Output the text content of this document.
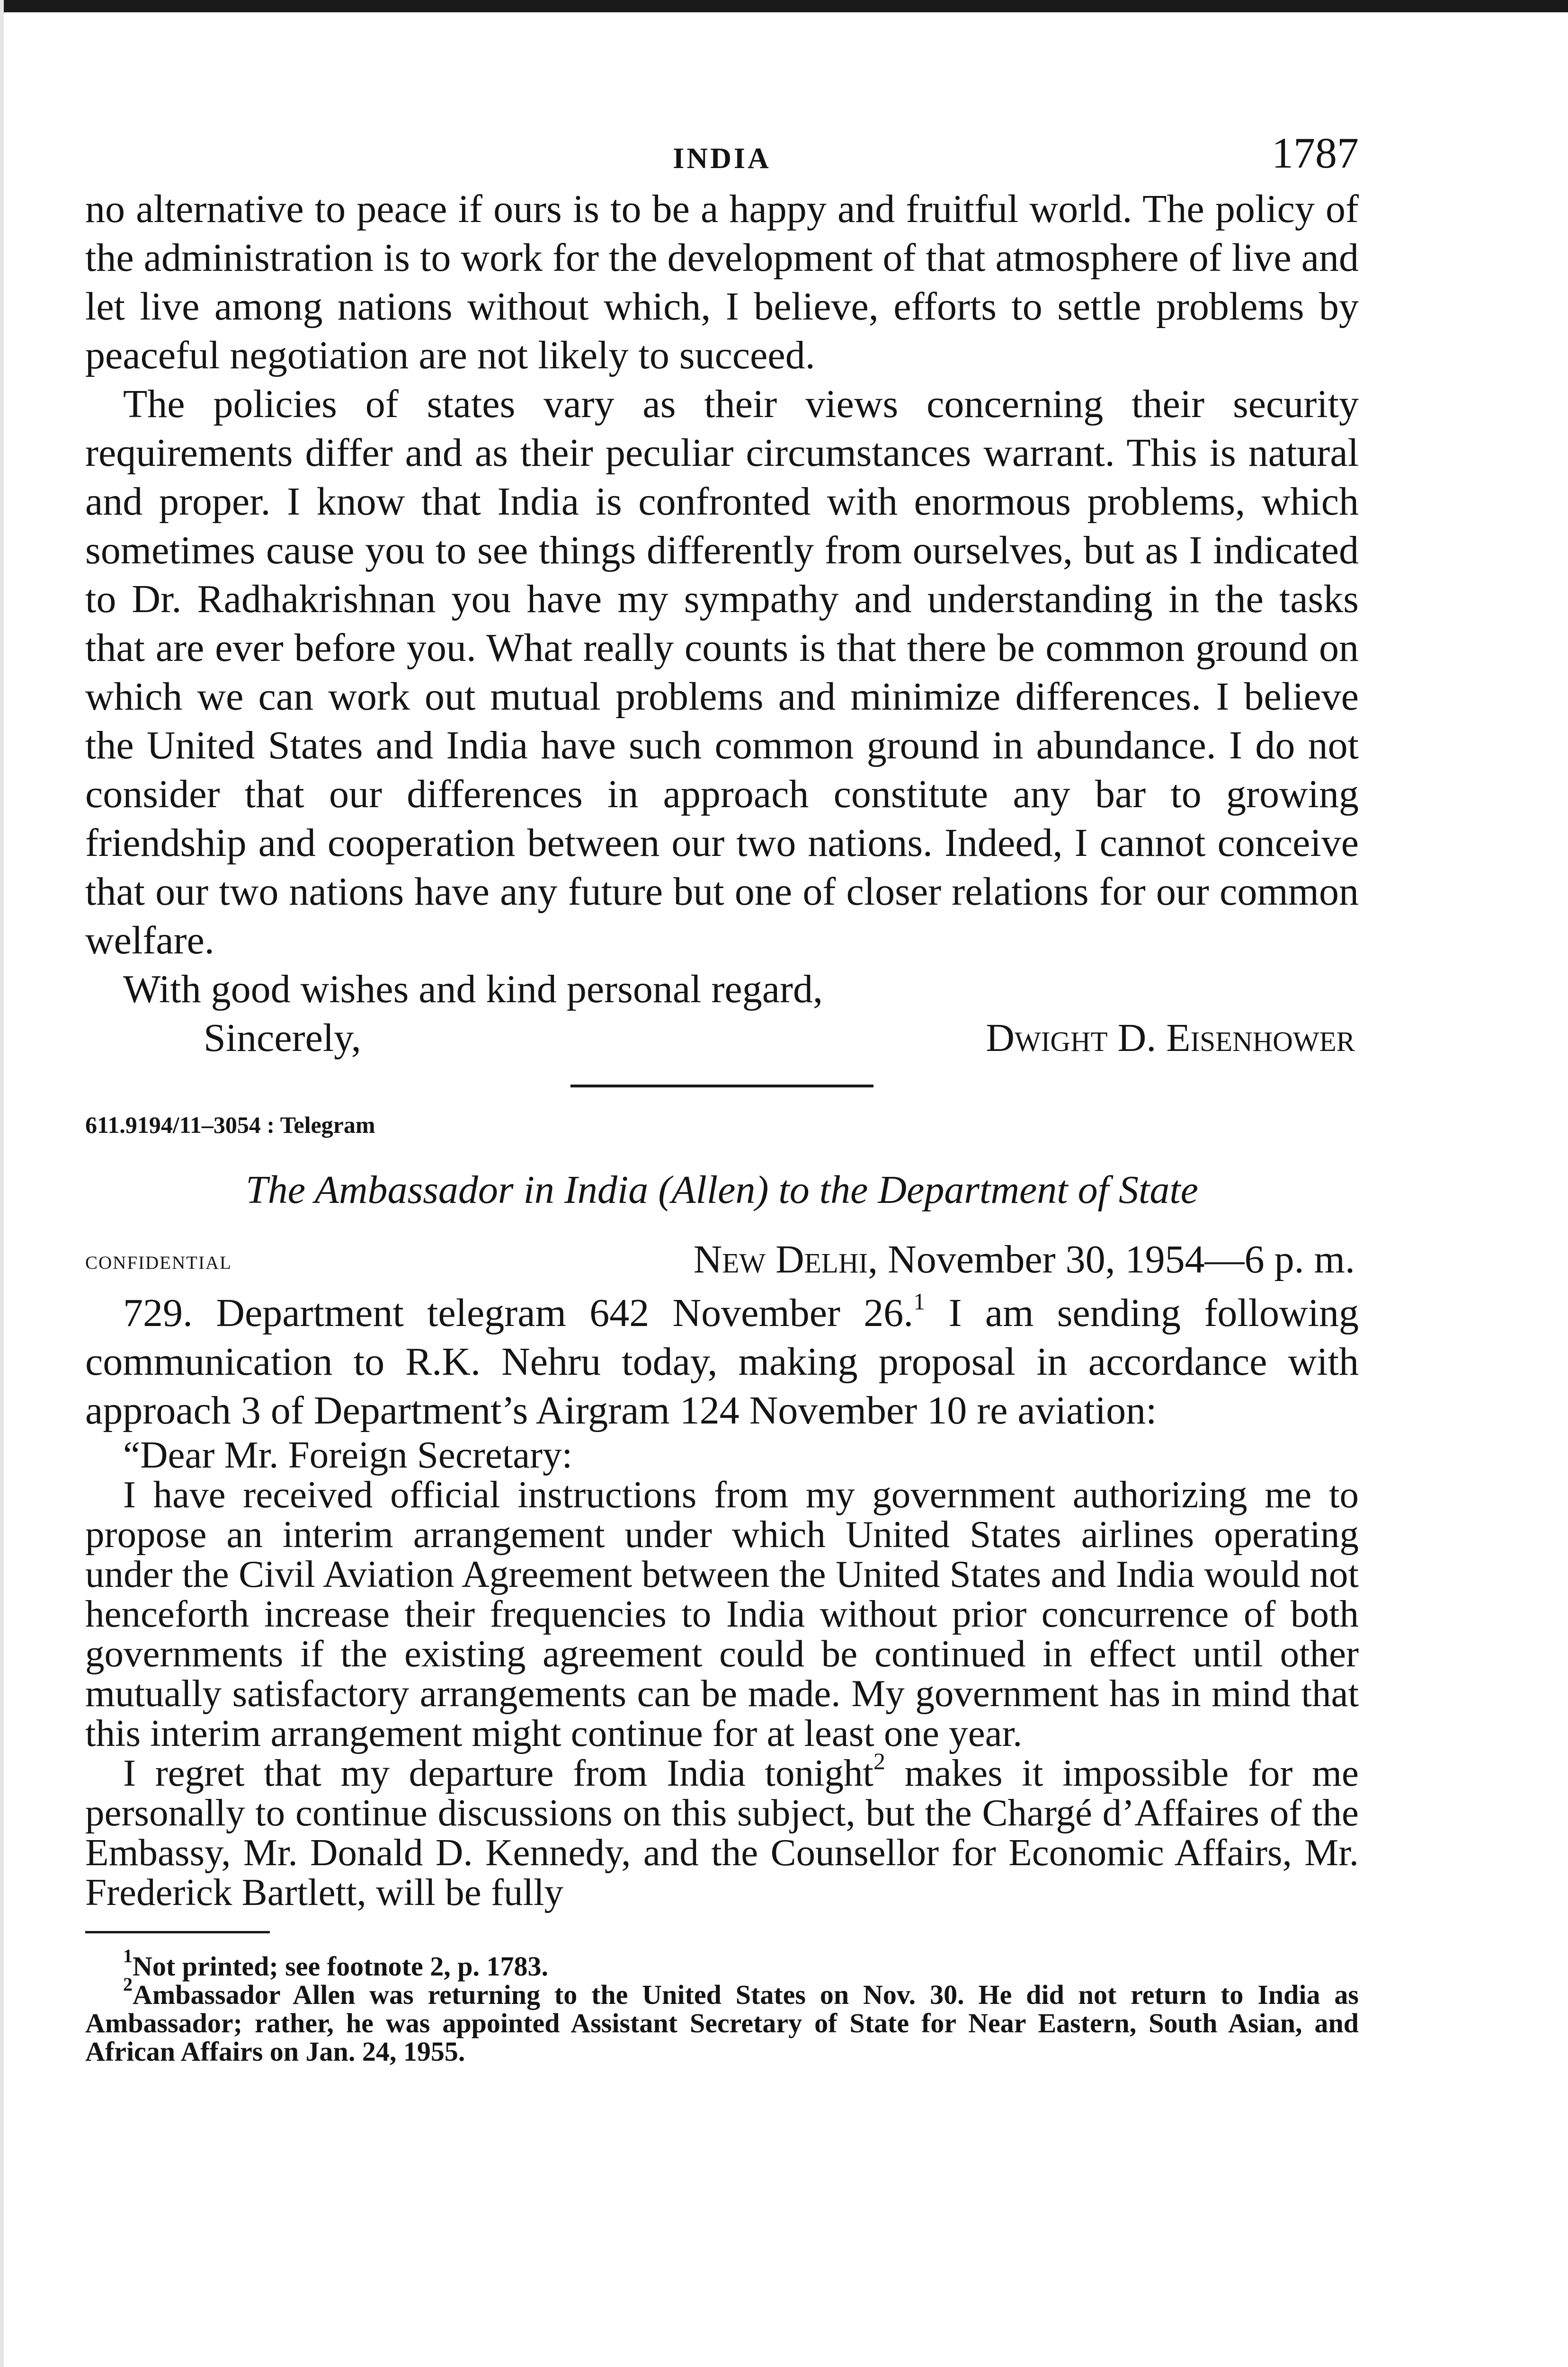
INDIA	1787

no alternative to peace if ours is to be a happy and fruitful world. The policy of the administration is to work for the development of that atmosphere of live and let live among nations without which, I believe, efforts to settle problems by peaceful negotiation are not likely to succeed.

The policies of states vary as their views concerning their security requirements differ and as their peculiar circumstances warrant. This is natural and proper. I know that India is confronted with enormous problems, which sometimes cause you to see things differently from ourselves, but as I indicated to Dr. Radhakrishnan you have my sympathy and understanding in the tasks that are ever before you. What really counts is that there be common ground on which we can work out mutual problems and minimize differences. I believe the United States and India have such common ground in abundance. I do not consider that our differences in approach constitute any bar to growing friendship and cooperation between our two nations. Indeed, I cannot conceive that our two nations have any future but one of closer relations for our common welfare.

With good wishes and kind personal regard,

Sincerely,	Dwight D. Eisenhower
611.9194/11–3054 : Telegram
The Ambassador in India (Allen) to the Department of State
confidential	New Delhi, November 30, 1954—6 p. m.

729. Department telegram 642 November 26.$^1$ I am sending following communication to R.K. Nehru today, making proposal in accordance with approach 3 of Department’s Airgram 124 November 10 re aviation:

“Dear Mr. Foreign Secretary:

I have received official instructions from my government authorizing me to propose an interim arrangement under which United States airlines operating under the Civil Aviation Agreement between the United States and India would not henceforth increase their frequencies to India without prior concurrence of both governments if the existing agreement could be continued in effect until other mutually satisfactory arrangements can be made. My government has in mind that this interim arrangement might continue for at least one year.

I regret that my departure from India tonight$^2$ makes it impossible for me personally to continue discussions on this subject, but the Chargé d’Affaires of the Embassy, Mr. Donald D. Kennedy, and the Counsellor for Economic Affairs, Mr. Frederick Bartlett, will be fully

$^1$Not printed; see footnote 2, p. 1783.

$^2$Ambassador Allen was returning to the United States on Nov. 30. He did not return to India as Ambassador; rather, he was appointed Assistant Secretary of State for Near Eastern, South Asian, and African Affairs on Jan. 24, 1955.
